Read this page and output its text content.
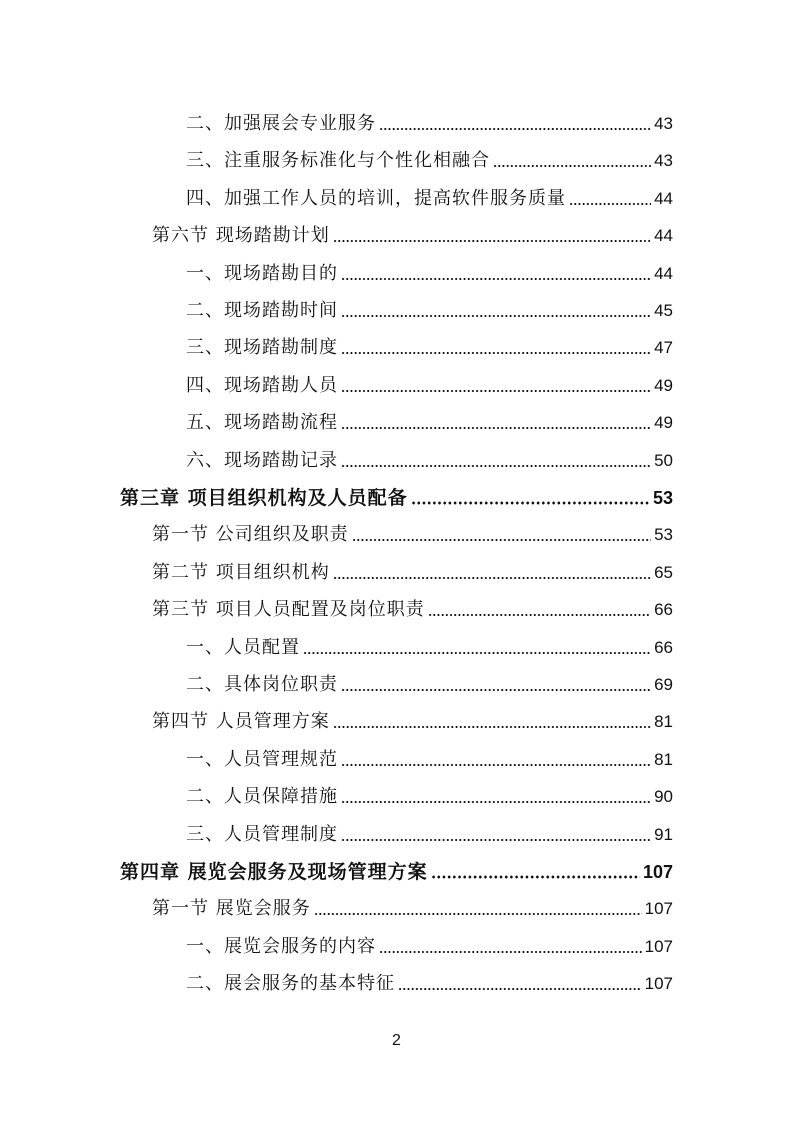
二、加强展会专业服务	43
三、注重服务标准化与个性化相融合	43
四、加强工作人员的培训，提高软件服务质量	44
第六节 现场踏勘计划	44
一、现场踏勘目的	44
二、现场踏勘时间	45
三、现场踏勘制度	47
四、现场踏勘人员	49
五、现场踏勘流程	49
六、现场踏勘记录	50
第三章 项目组织机构及人员配备	53
第一节 公司组织及职责	53
第二节 项目组织机构	65
第三节 项目人员配置及岗位职责	66
一、人员配置	66
二、具体岗位职责	69
第四节 人员管理方案	81
一、人员管理规范	81
二、人员保障措施	90
三、人员管理制度	91
第四章 展览会服务及现场管理方案	107
第一节 展览会服务	107
一、展览会服务的内容	107
二、展会服务的基本特征	107
2
